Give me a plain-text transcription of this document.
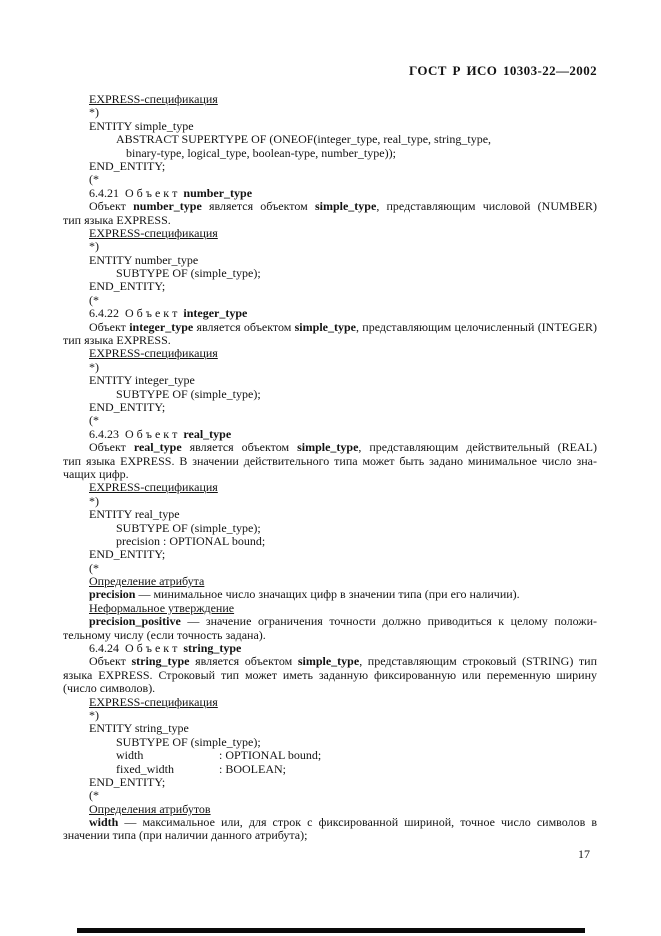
ГОСТ Р ИСО 10303-22—2002
EXPRESS-спецификация
*)
ENTITY simple_type
ABSTRACT SUPERTYPE OF (ONEOF(integer_type, real_type, string_type,
binary-type, logical_type, boolean-type, number_type));
END_ENTITY;
(*
6.4.21  О б ъ е к т  number_type
Объект number_type является объектом simple_type, представляющим числовой (NUMBER)
тип языка EXPRESS.
EXPRESS-спецификация
*)
ENTITY number_type
SUBTYPE OF (simple_type);
END_ENTITY;
(*
6.4.22  О б ъ е к т  integer_type
Объект integer_type является объектом simple_type, представляющим целочисленный (INTEGER)
тип языка EXPRESS.
EXPRESS-спецификация
*)
ENTITY integer_type
SUBTYPE OF (simple_type);
END_ENTITY;
(*
6.4.23  О б ъ е к т  real_type
Объект real_type является объектом simple_type, представляющим действительный (REAL)
тип языка EXPRESS. В значении действительного типа может быть задано минимальное число зна-
чащих цифр.
EXPRESS-спецификация
*)
ENTITY real_type
SUBTYPE OF (simple_type);
precision : OPTIONAL bound;
END_ENTITY;
(*
Определение атрибута
precision — минимальное число значащих цифр в значении типа (при его наличии).
Неформальное утверждение
precision_positive — значение ограничения точности должно приводиться к целому положи-
тельному числу (если точность задана).
6.4.24  О б ъ е к т  string_type
Объект string_type является объектом simple_type, представляющим строковый (STRING) тип
языка EXPRESS. Строковый тип может иметь заданную фиксированную или переменную ширину
(число символов).
EXPRESS-спецификация
*)
ENTITY string_type
SUBTYPE OF (simple_type);
width	: OPTIONAL bound;
fixed_width	: BOOLEAN;
END_ENTITY;
(*
Определения атрибутов
width — максимальное или, для строк с фиксированной шириной, точное число символов в
значении типа (при наличии данного атрибута);
17
